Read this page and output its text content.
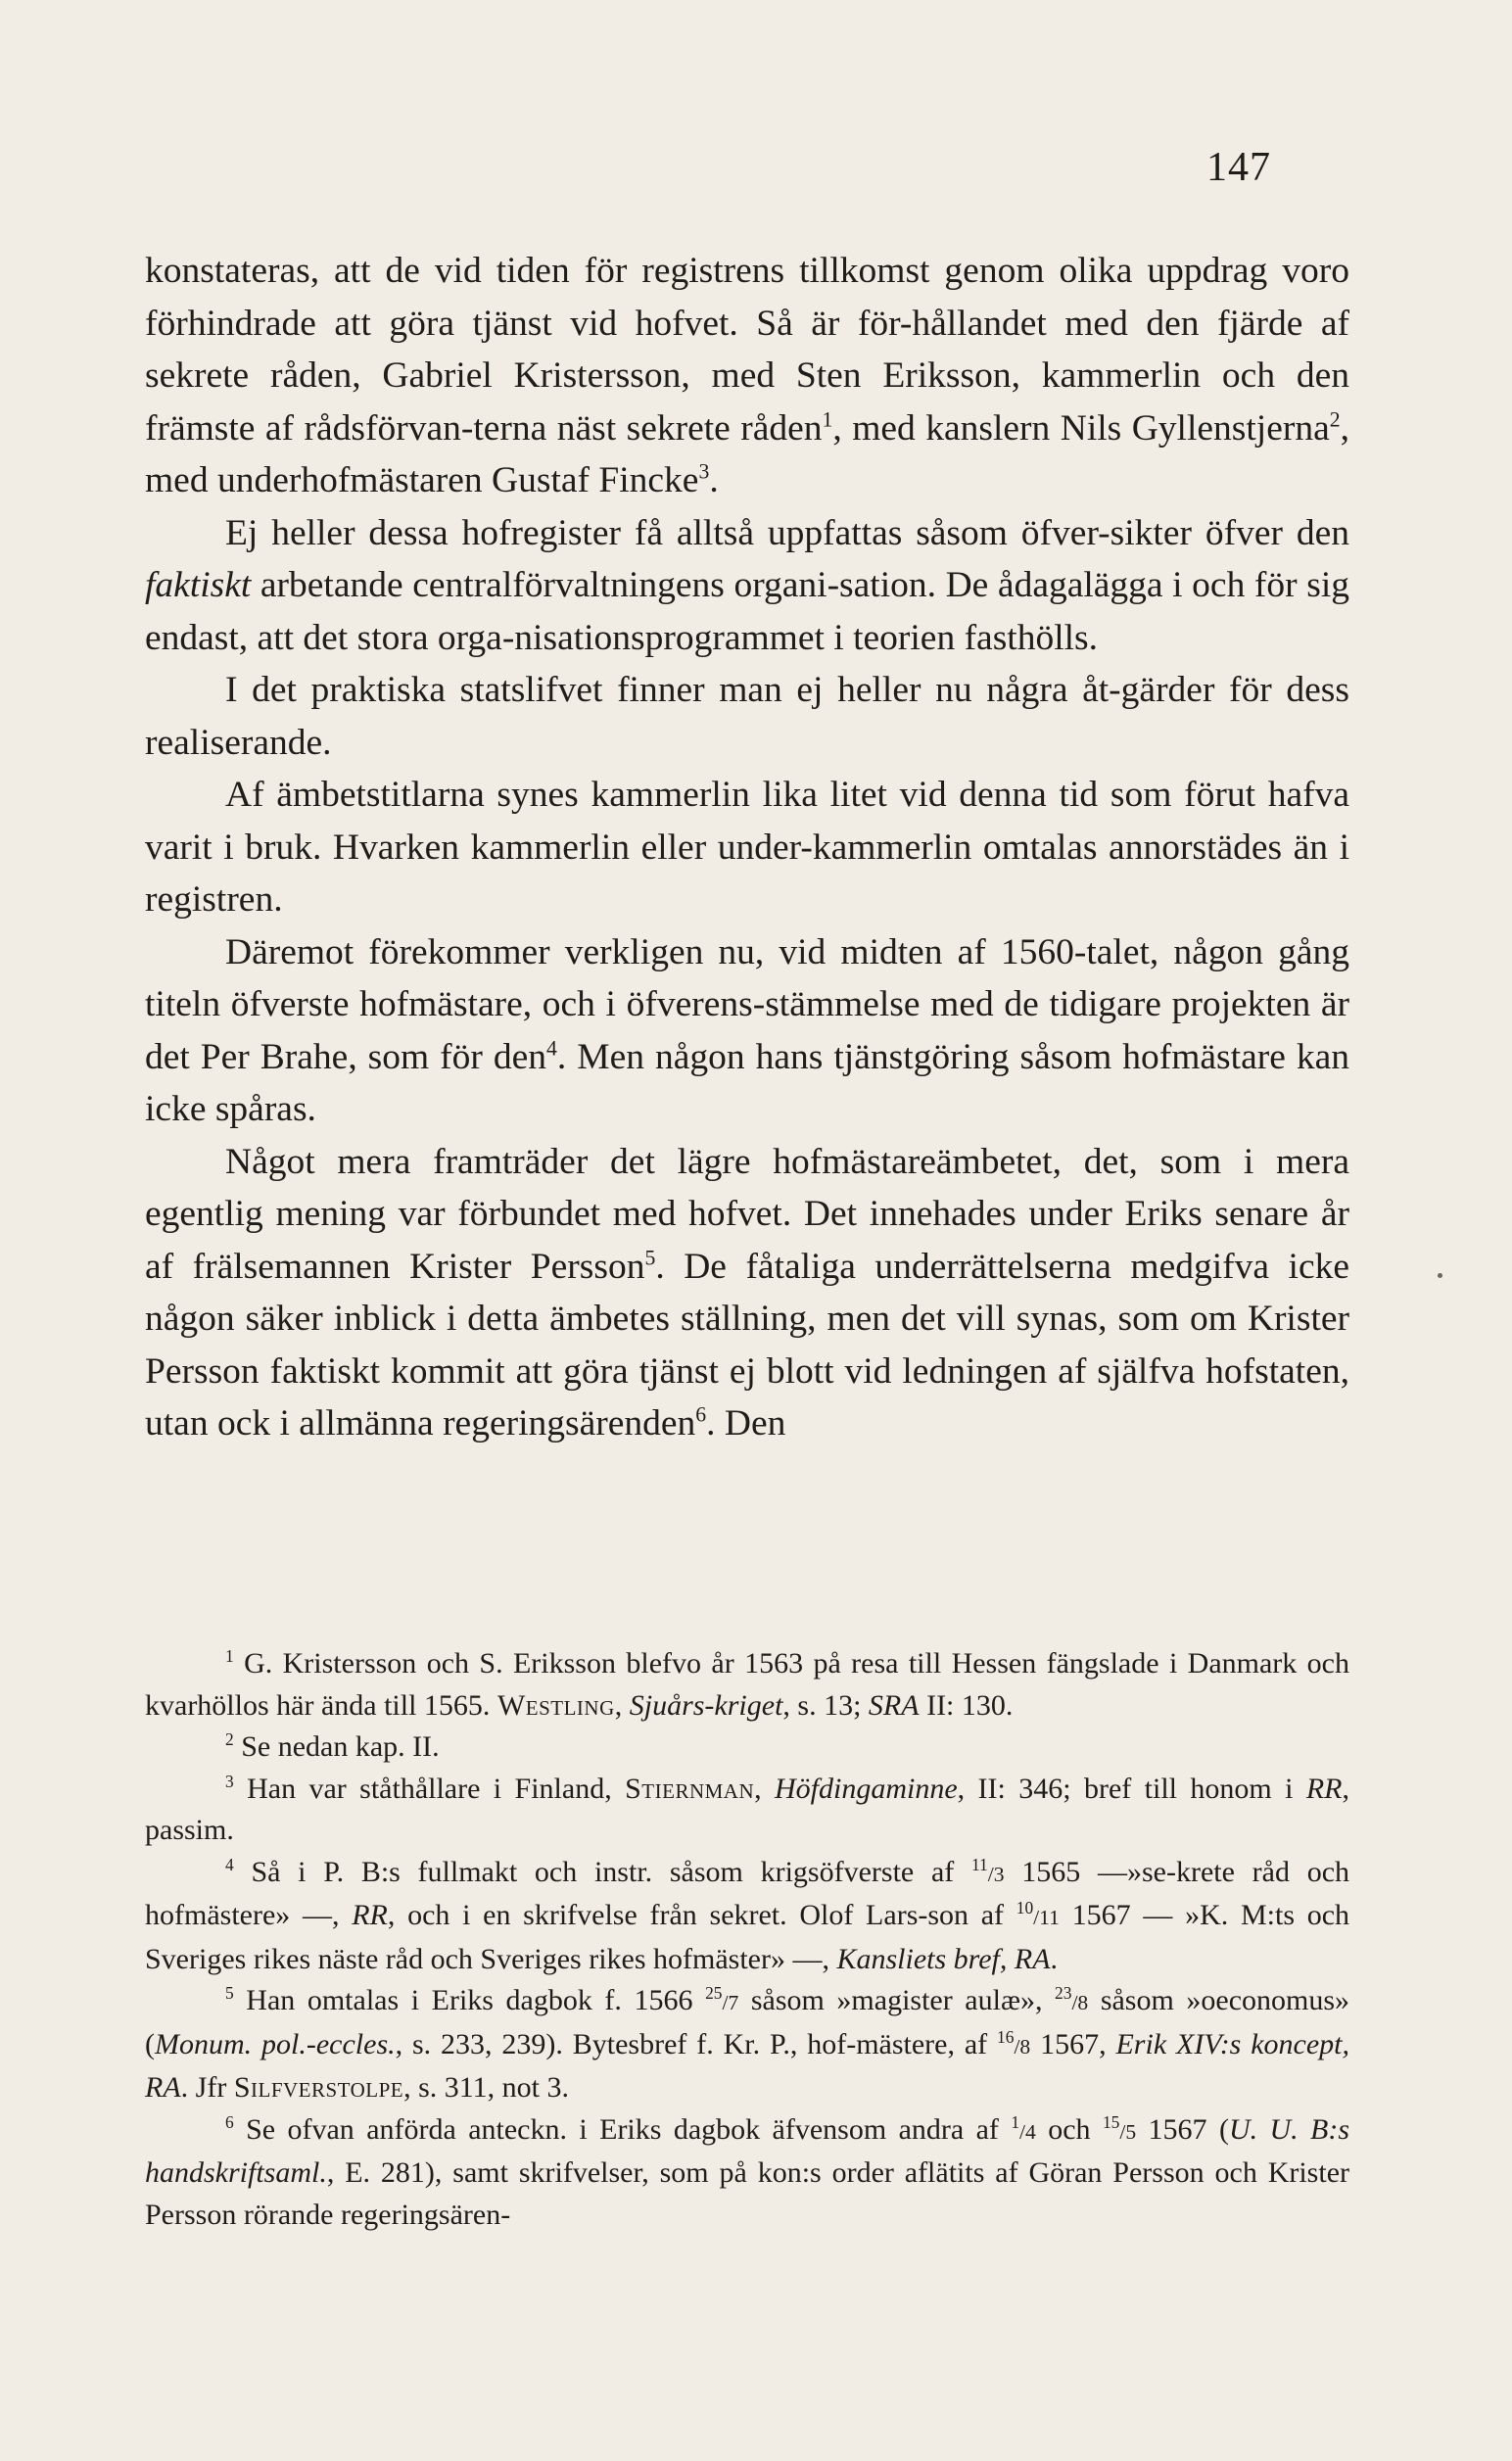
147

konstateras, att de vid tiden för registrens tillkomst genom olika uppdrag voro förhindrade att göra tjänst vid hofvet. Så är för-hållandet med den fjärde af sekrete råden, Gabriel Kristersson, med Sten Eriksson, kammerlin och den främste af rådsförvan-terna näst sekrete råden$^1$, med kanslern Nils Gyllenstjerna$^2$, med underhofmästaren Gustaf Fincke$^3$.

Ej heller dessa hofregister få alltså uppfattas såsom öfver-sikter öfver den faktiskt arbetande centralförvaltningens organi-sation. De ådagalägga i och för sig endast, att det stora orga-nisationsprogrammet i teorien fasthölls.

I det praktiska statslifvet finner man ej heller nu några åt-gärder för dess realiserande.

Af ämbetstitlarna synes kammerlin lika litet vid denna tid som förut hafva varit i bruk. Hvarken kammerlin eller under-kammerlin omtalas annorstädes än i registren.

Däremot förekommer verkligen nu, vid midten af 1560-talet, någon gång titeln öfverste hofmästare, och i öfverens-stämmelse med de tidigare projekten är det Per Brahe, som för den$^4$. Men någon hans tjänstgöring såsom hofmästare kan icke spåras.

Något mera framträder det lägre hofmästareämbetet, det, som i mera egentlig mening var förbundet med hofvet. Det innehades under Eriks senare år af frälsemannen Krister Persson$^5$. De fåtaliga underrättelserna medgifva icke någon säker inblick i detta ämbetes ställning, men det vill synas, som om Krister Persson faktiskt kommit att göra tjänst ej blott vid ledningen af själfva hofstaten, utan ock i allmänna regeringsärenden$^6$. Den

$^1$ G. Kristersson och S. Eriksson blefvo år 1563 på resa till Hessen fängslade i Danmark och kvarhöllos här ända till 1565. Westling, Sjuårs-kriget, s. 13; SRA II: 130.

$^2$ Se nedan kap. II.

$^3$ Han var ståthållare i Finland, Stiernman, Höfdingaminne, II: 346; bref till honom i RR, passim.

$^4$ Så i P. B:s fullmakt och instr. såsom krigsöfverste af $^{11}$/3 1565 —»se-krete råd och hofmästere» —, RR, och i en skrifvelse från sekret. Olof Lars-son af $^{10}$/11 1567 — »K. M:ts och Sveriges rikes näste råd och Sveriges rikes hofmäster» —, Kansliets bref, RA.

$^5$ Han omtalas i Eriks dagbok f. 1566 $^{25}$/7 såsom »magister aulæ», $^{23}$/8 såsom »oeconomus» (Monum. pol.-eccles., s. 233, 239). Bytesbref f. Kr. P., hof-mästere, af $^{16}$/8 1567, Erik XIV:s koncept, RA. Jfr Silfverstolpe, s. 311, not 3.

$^6$ Se ofvan anförda anteckn. i Eriks dagbok äfvensom andra af $^1$/4 och $^{15}$/5 1567 (U. U. B:s handskriftsaml., E. 281), samt skrifvelser, som på kon:s order aflätits af Göran Persson och Krister Persson rörande regeringsären-
